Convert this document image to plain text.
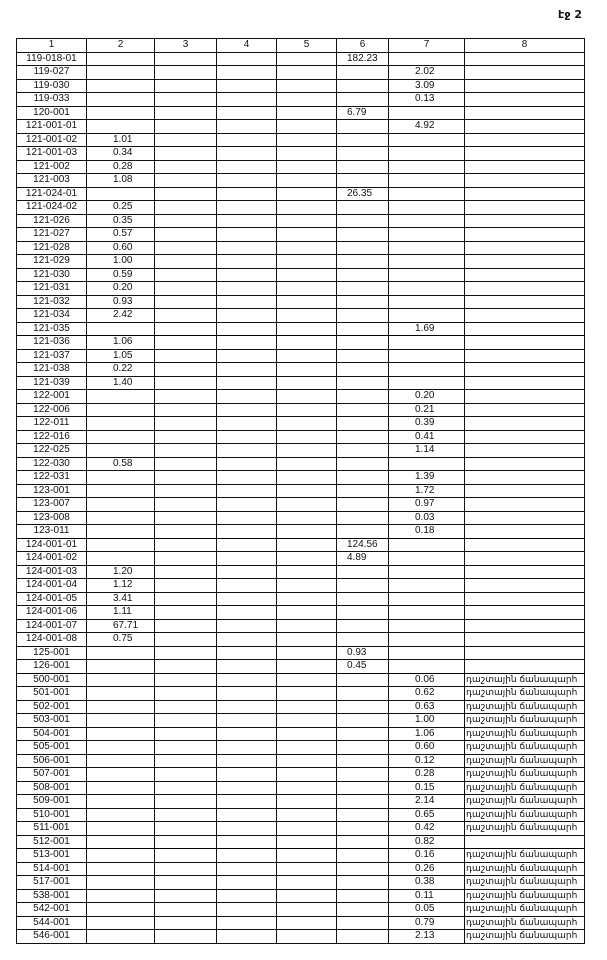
էջ 2
1	2	3	4	5	6	7	8
119-018-01					182.23		
119-027						2.02	
119-030						3.09	
119-033						0.13	
120-001					6.79		
121-001-01						4.92	
121-001-02	1.01						
121-001-03	0.34						
121-002	0.28						
121-003	1.08						
121-024-01					26.35		
121-024-02	0.25						
121-026	0.35						
121-027	0.57						
121-028	0.60						
121-029	1.00						
121-030	0.59						
121-031	0.20						
121-032	0.93						
121-034	2.42						
121-035						1.69	
121-036	1.06						
121-037	1.05						
121-038	0.22						
121-039	1.40						
122-001						0.20	
122-006						0.21	
122-011						0.39	
122-016						0.41	
122-025						1.14	
122-030	0.58						
122-031						1.39	
123-001						1.72	
123-007						0.97	
123-008						0.03	
123-011						0.18	
124-001-01					124.56		
124-001-02					4.89		
124-001-03	1.20						
124-001-04	1.12						
124-001-05	3.41						
124-001-06	1.11						
124-001-07	67.71						
124-001-08	0.75						
125-001					0.93		
126-001					0.45		
500-001						0.06	դաշտային ճանապարհ
501-001						0.62	դաշտային ճանապարհ
502-001						0.63	դաշտային ճանապարհ
503-001						1.00	դաշտային ճանապարհ
504-001						1.06	դաշտային ճանապարհ
505-001						0.60	դաշտային ճանապարհ
506-001						0.12	դաշտային ճանապարհ
507-001						0.28	դաշտային ճանապարհ
508-001						0.15	դաշտային ճանապարհ
509-001						2.14	դաշտային ճանապարհ
510-001						0.65	դաշտային ճանապարհ
511-001						0.42	դաշտային ճանապարհ
512-001						0.82	
513-001						0.16	դաշտային ճանապարհ
514-001						0.26	դաշտային ճանապարհ
517-001						0.38	դաշտային ճանապարհ
538-001						0.11	դաշտային ճանապարհ
542-001						0.05	դաշտային ճանապարհ
544-001						0.79	դաշտային ճանապարհ
546-001						2.13	դաշտային ճանապարհ
